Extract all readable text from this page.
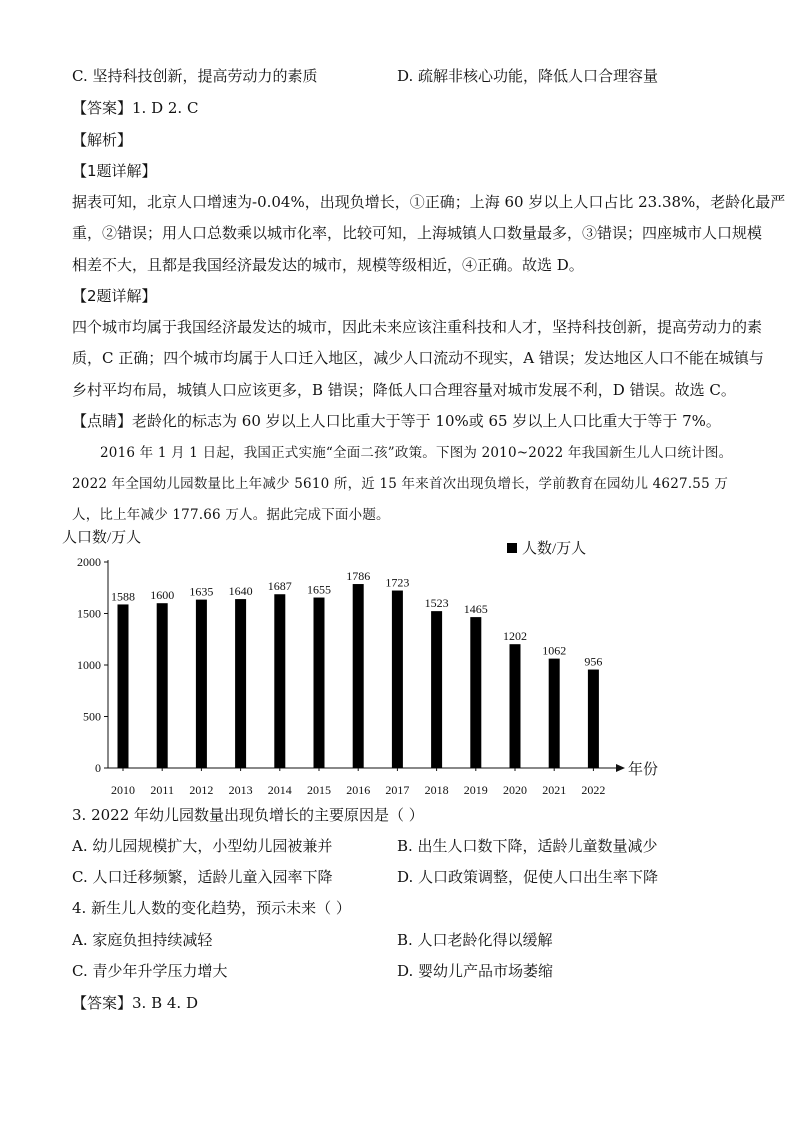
C. 坚持科技创新，提高劳动力的素质	D. 疏解非核心功能，降低人口合理容量
【答案】1. D 2. C
【解析】
【1题详解】
据表可知，北京人口增速为-0.04%，出现负增长，①正确；上海 60 岁以上人口占比 23.38%，老龄化最严
重，②错误；用人口总数乘以城市化率，比较可知，上海城镇人口数量最多，③错误；四座城市人口规模
相差不大，且都是我国经济最发达的城市，规模等级相近，④正确。故选 D。
【2题详解】
四个城市均属于我国经济最发达的城市，因此未来应该注重科技和人才，坚持科技创新，提高劳动力的素
质，C 正确；四个城市均属于人口迁入地区，减少人口流动不现实，A 错误；发达地区人口不能在城镇与
乡村平均布局，城镇人口应该更多，B 错误；降低人口合理容量对城市发展不利，D 错误。故选 C。
【点睛】老龄化的标志为 60 岁以上人口比重大于等于 10%或 65 岁以上人口比重大于等于 7%。
2016 年 1 月 1 日起，我国正式实施“全面二孩”政策。下图为 2010~2022 年我国新生儿人口统计图。
2022 年全国幼儿园数量比上年减少 5610 所，近 15 年来首次出现负增长，学前教育在园幼儿 4627.55 万
人，比上年减少 177.66 万人。据此完成下面小题。
人口数/万人
人数/万人
年份
0
500
1000
1500
2000
1588
2010
1600
2011
1635
2012
1640
2013
1687
2014
1655
2015
1786
2016
1723
2017
1523
2018
1465
2019
1202
2020
1062
2021
956
2022
3. 2022 年幼儿园数量出现负增长的主要原因是（ ）
A. 幼儿园规模扩大，小型幼儿园被兼并	B. 出生人口数下降，适龄儿童数量减少
C. 人口迁移频繁，适龄儿童入园率下降	D. 人口政策调整，促使人口出生率下降
4. 新生儿人数的变化趋势，预示未来（ ）
A. 家庭负担持续减轻	B. 人口老龄化得以缓解
C. 青少年升学压力增大	D. 婴幼儿产品市场萎缩
【答案】3. B 4. D
